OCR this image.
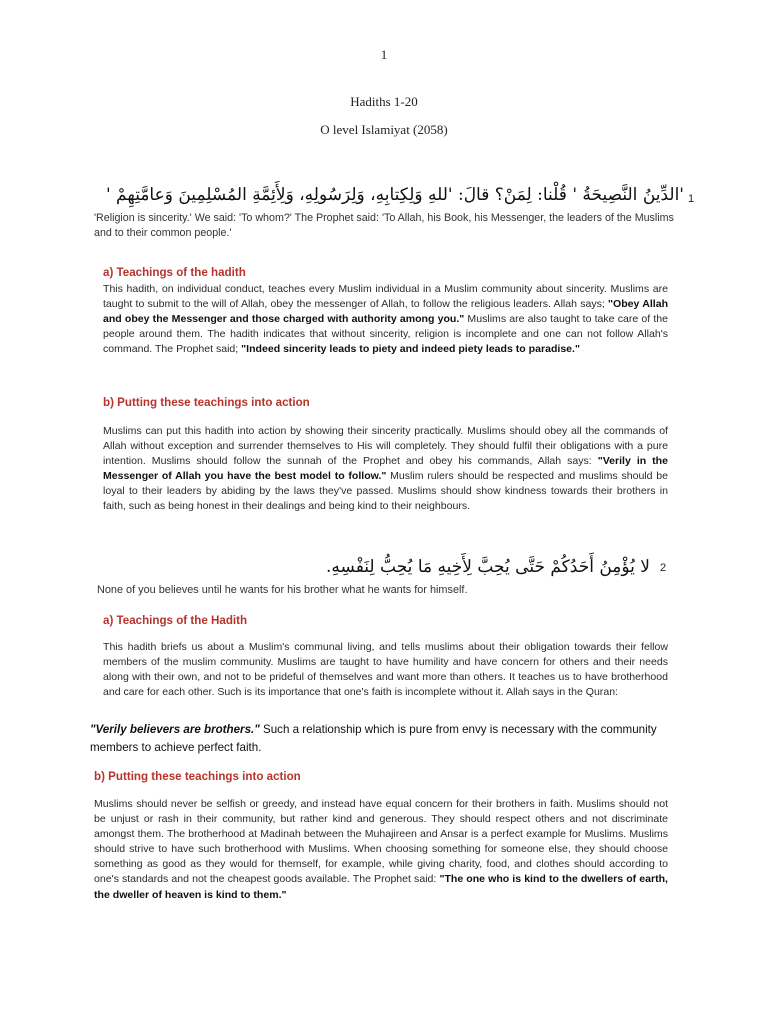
1
Hadiths 1-20
O level Islamiyat (2058)
1
'الدِّينُ النَّصِيحَةُ ' قُلْنا: لِمَنْ؟ قالَ: 'للهِ وَلِكِتابِهِ، وَلِرَسُولِهِ، وَلِأَئِمَّةِ المُسْلِمِينَ وَعامَّتِهِمْ '
'Religion is sincerity.' We said: 'To whom?' The Prophet said: 'To Allah, his Book, his Messenger, the leaders of the Muslims and to their common people.'
a) Teachings of the hadith
This hadith, on individual conduct, teaches every Muslim individual in a Muslim community about sincerity. Muslims are taught to submit to the will of Allah, obey the messenger of Allah, to follow the religious leaders. Allah says; "Obey Allah and obey the Messenger and those charged with authority among you." Muslims are also taught to take care of the people around them. The hadith indicates that without sincerity, religion is incomplete and one can not follow Allah's command. The Prophet said; "Indeed sincerity leads to piety and indeed piety leads to paradise."
b) Putting these teachings into action
Muslims can put this hadith into action by showing their sincerity practically. Muslims should obey all the commands of Allah without exception and surrender themselves to His will completely. They should fulfil their obligations with a pure intention. Muslims should follow the sunnah of the Prophet and obey his commands, Allah says: "Verily in the Messenger of Allah you have the best model to follow." Muslim rulers should be respected and muslims should be loyal to their leaders by abiding by the laws they've passed. Muslims should show kindness towards their brothers in faith, such as being honest in their dealings and being kind to their neighbours.
2
لا يُؤْمِنُ أَحَدُكُمْ حَتَّى يُحِبَّ لِأَخِيهِ مَا يُحِبُّ لِنَفْسِهِ.
None of you believes until he wants for his brother what he wants for himself.
a) Teachings of the Hadith
This hadith briefs us about a Muslim's communal living, and tells muslims about their obligation towards their fellow members of the muslim community. Muslims are taught to have humility and have concern for others and their needs along with their own, and not to be prideful of themselves and want more than others. It teaches us to have brotherhood and care for each other. Such is its importance that one's faith is incomplete without it. Allah says in the Quran:
"Verily believers are brothers." Such a relationship which is pure from envy is necessary with the community members to achieve perfect faith.
b) Putting these teachings into action
Muslims should never be selfish or greedy, and instead have equal concern for their brothers in faith. Muslims should not be unjust or rash in their community, but rather kind and generous. They should respect others and not discriminate amongst them. The brotherhood at Madinah between the Muhajireen and Ansar is a perfect example for Muslims. Muslims should strive to have such brotherhood with Muslims. When choosing something for someone else, they should choose something as good as they would for themself, for example, while giving charity, food, and clothes should according to one's standards and not the cheapest goods available. The Prophet said: "The one who is kind to the dwellers of earth, the dweller of heaven is kind to them."
